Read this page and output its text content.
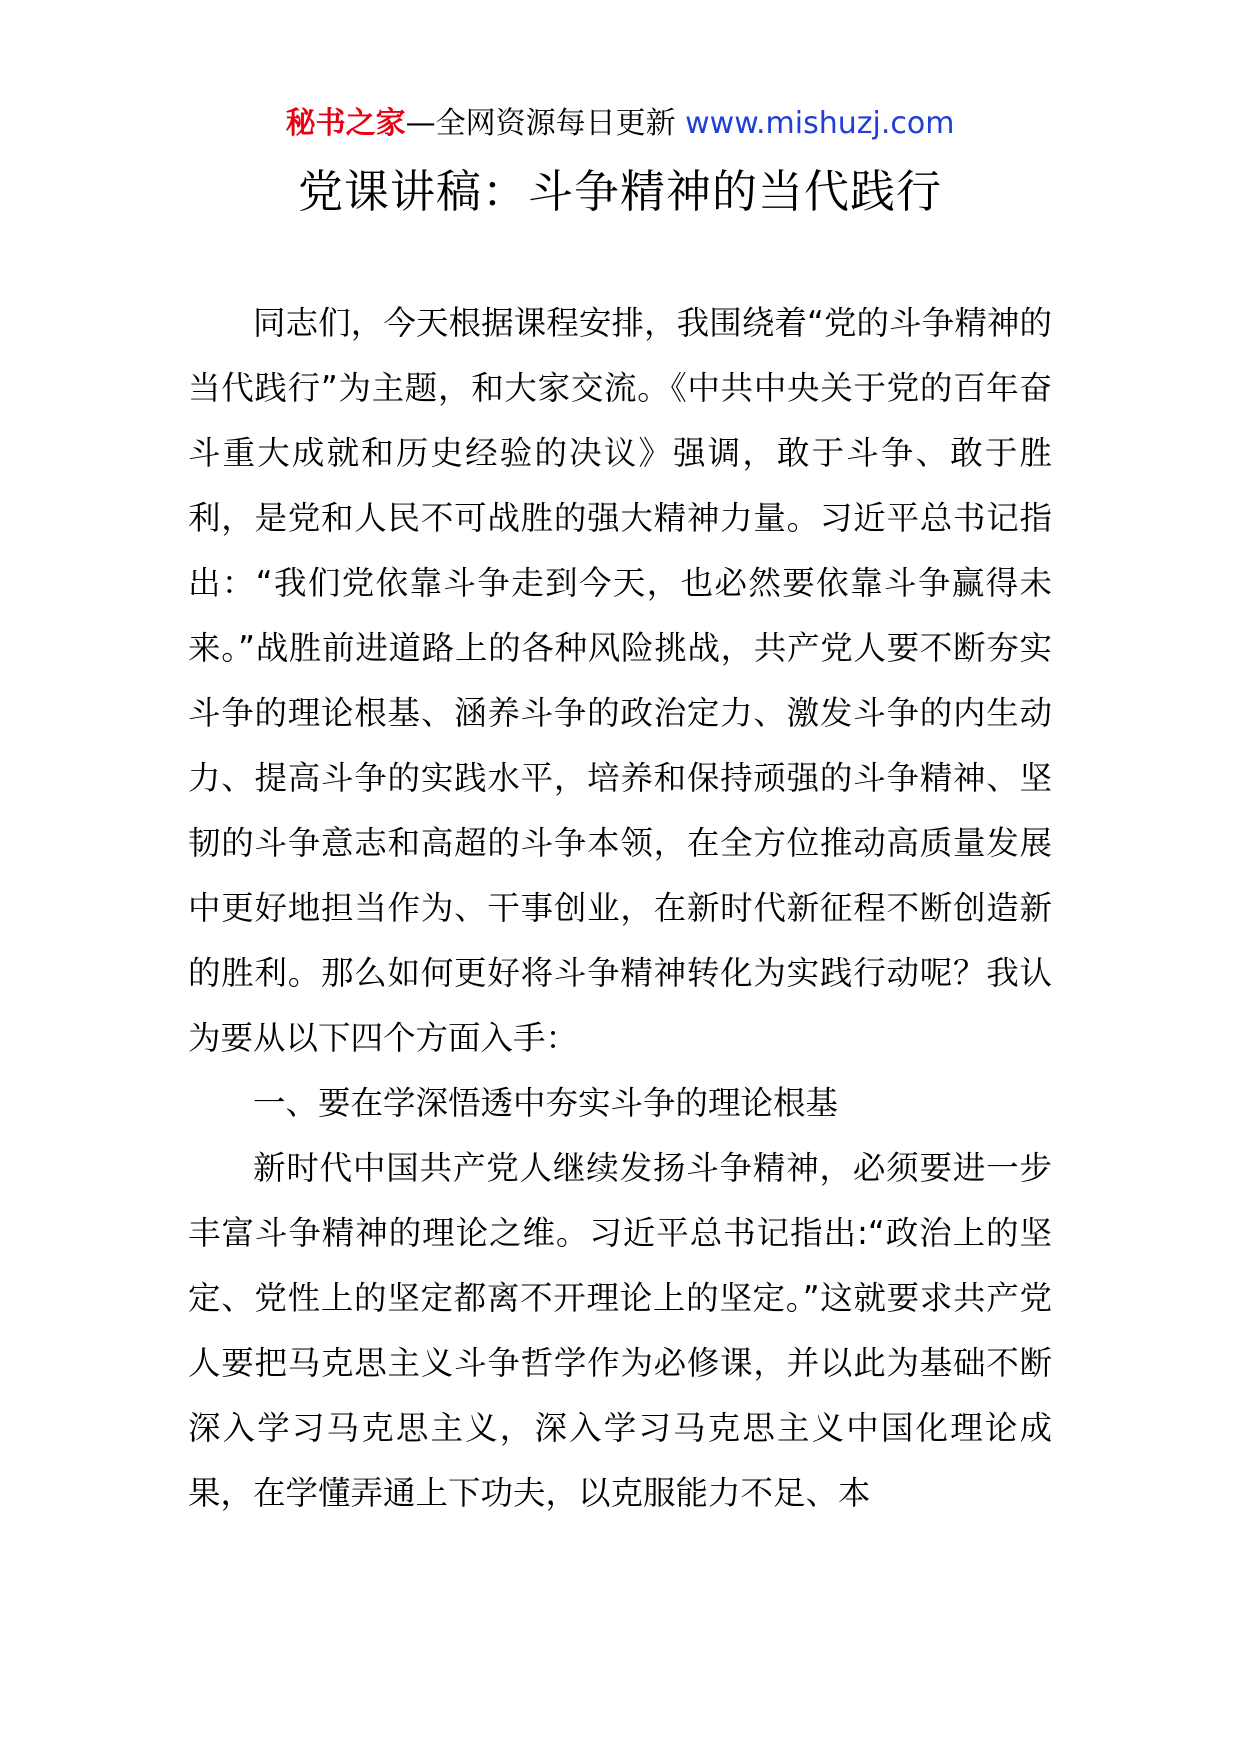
秘书之家—全网资源每日更新 www.mishuzj.com
党课讲稿：斗争精神的当代践行

同志们，今天根据课程安排，我围绕着“党的斗争精神的当代践行”为主题，和大家交流。《中共中央关于党的百年奋斗重大成就和历史经验的决议》强调，敢于斗争、敢于胜利，是党和人民不可战胜的强大精神力量。习近平总书记指出：“我们党依靠斗争走到今天，也必然要依靠斗争赢得未来。”战胜前进道路上的各种风险挑战，共产党人要不断夯实斗争的理论根基、涵养斗争的政治定力、激发斗争的内生动力、提高斗争的实践水平，培养和保持顽强的斗争精神、坚韧的斗争意志和高超的斗争本领，在全方位推动高质量发展中更好地担当作为、干事创业，在新时代新征程不断创造新的胜利。那么如何更好将斗争精神转化为实践行动呢？我认为要从以下四个方面入手：

一、要在学深悟透中夯实斗争的理论根基

新时代中国共产党人继续发扬斗争精神，必须要进一步丰富斗争精神的理论之维。习近平总书记指出:“政治上的坚定、党性上的坚定都离不开理论上的坚定。”这就要求共产党人要把马克思主义斗争哲学作为必修课，并以此为基础不断深入学习马克思主义，深入学习马克思主义中国化理论成果，在学懂弄通上下功夫，以克服能力不足、本
